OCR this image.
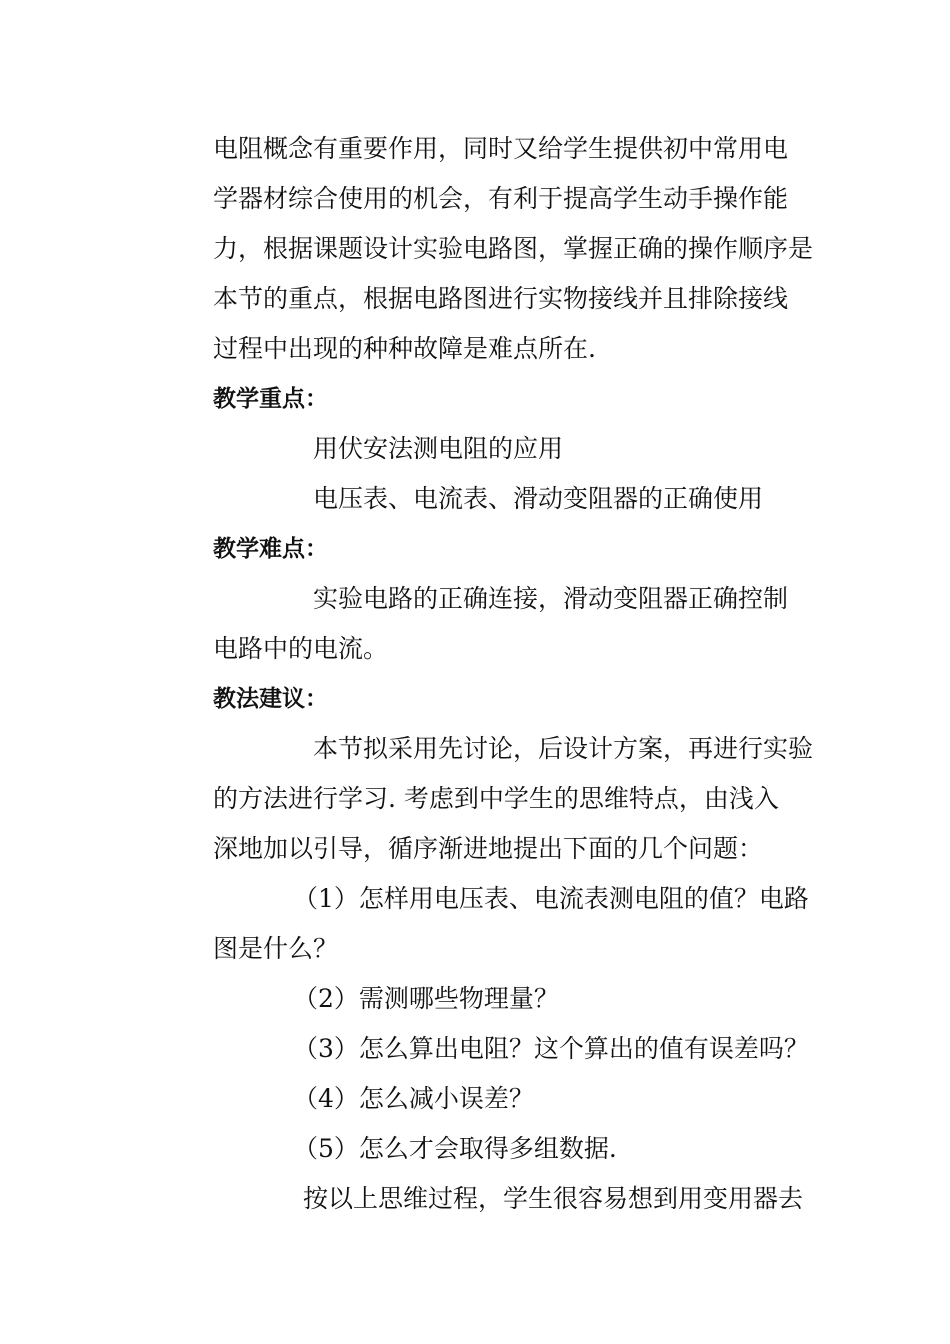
电阻概念有重要作用，同时又给学生提供初中常用电
学器材综合使用的机会，有利于提高学生动手操作能
力，根据课题设计实验电路图，掌握正确的操作顺序是
本节的重点，根据电路图进行实物接线并且排除接线
过程中出现的种种故障是难点所在.
教学重点：
用伏安法测电阻的应用
电压表、电流表、滑动变阻器的正确使用
教学难点：
实验电路的正确连接，滑动变阻器正确控制
电路中的电流。
教法建议：
本节拟采用先讨论，后设计方案，再进行实验
的方法进行学习. 考虑到中学生的思维特点，由浅入
深地加以引导，循序渐进地提出下面的几个问题：
（1）怎样用电压表、电流表测电阻的值？电路
图是什么？
（2）需测哪些物理量？
（3）怎么算出电阻？这个算出的值有误差吗？
（4）怎么减小误差？
（5）怎么才会取得多组数据.
按以上思维过程，学生很容易想到用变用器去
